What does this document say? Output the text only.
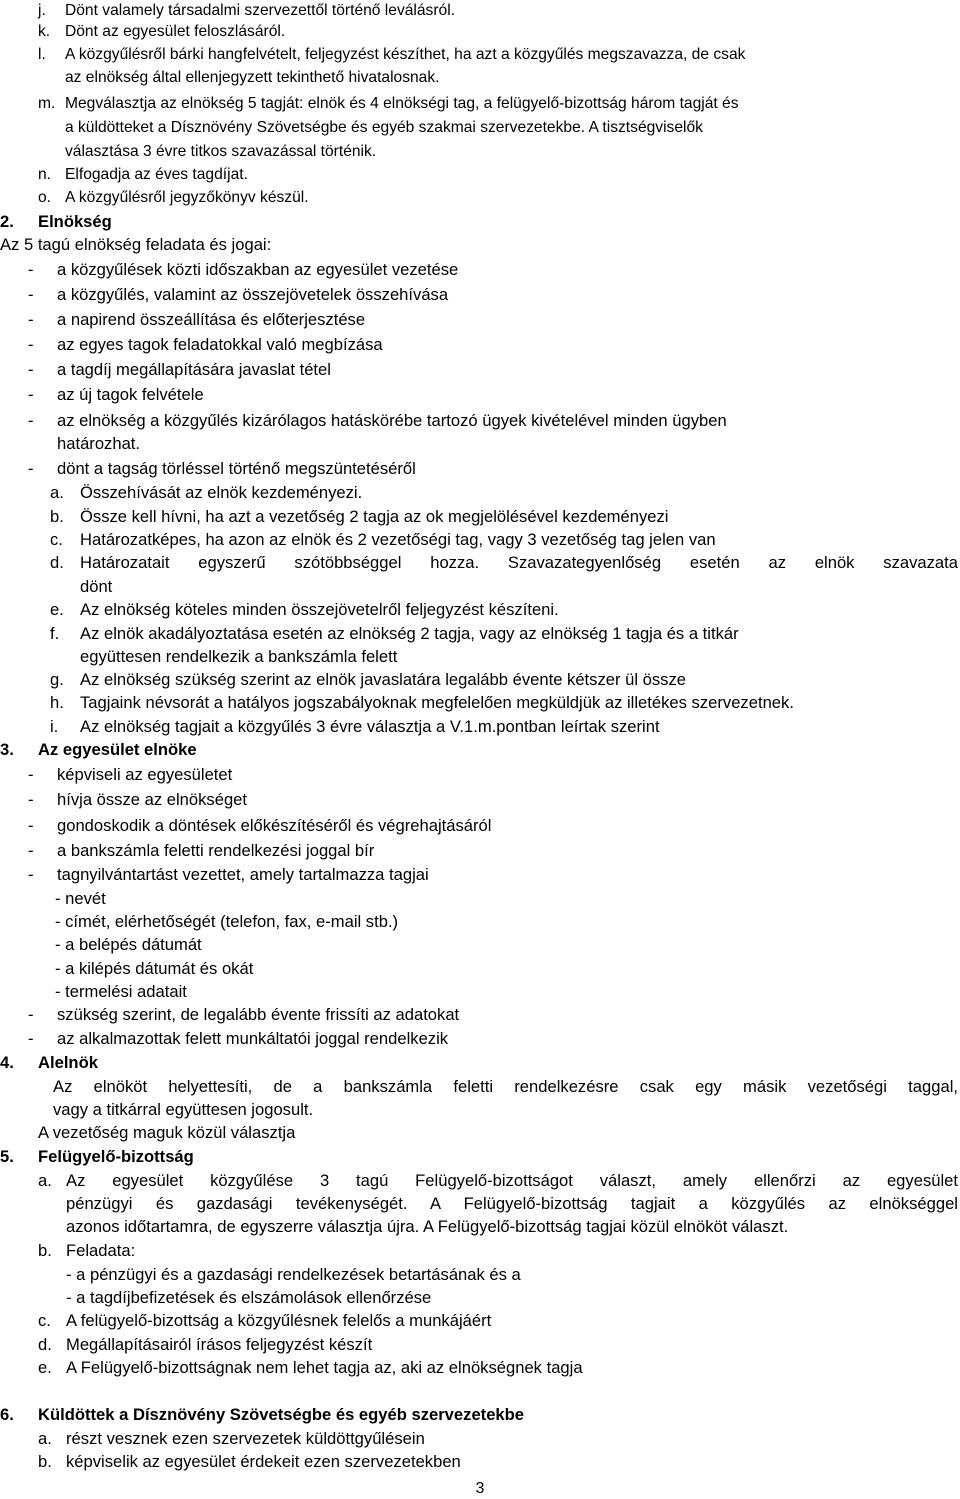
j. Dönt valamely társadalmi szervezettől történő leválásról.
k. Dönt az egyesület feloszlásáról.
l. A közgyűlésről bárki hangfelvételt, feljegyzést készíthet, ha azt a közgyűlés megszavazza, de csak
az elnökség által ellenjegyzett tekinthető hivatalosnak.
m. Megválasztja az elnökség 5 tagját: elnök és 4 elnökségi tag, a felügyelő-bizottság három tagját és
a küldötteket a Dísznövény Szövetségbe és egyéb szakmai szervezetekbe. A tisztségviselők
választása 3 évre titkos szavazással történik.
n. Elfogadja az éves tagdíjat.
o. A közgyűlésről jegyzőkönyv készül.
2. Elnökség
Az 5 tagú elnökség feladata és jogai:
- a közgyűlések közti időszakban az egyesület vezetése
- a közgyűlés, valamint az összejövetelek összehívása
- a napirend összeállítása és előterjesztése
- az egyes tagok feladatokkal való megbízása
- a tagdíj megállapítására javaslat tétel
- az új tagok felvétele
- az elnökség a közgyűlés kizárólagos hatáskörébe tartozó ügyek kivételével minden ügyben
határozhat.
- dönt a tagság törléssel történő megszüntetéséről
a. Összehívását az elnök kezdeményezi.
b. Össze kell hívni, ha azt a vezetőség 2 tagja az ok megjelölésével kezdeményezi
c. Határozatképes, ha azon az elnök és 2 vezetőségi tag, vagy 3 vezetőség tag jelen van
d. Határozatait egyszerű szótöbbséggel hozza. Szavazategyenlőség esetén az elnök szavazata
dönt
e. Az elnökség köteles minden összejövetelről feljegyzést készíteni.
f. Az elnök akadályoztatása esetén az elnökség 2 tagja, vagy az elnökség 1 tagja és a titkár
együttesen rendelkezik a bankszámla felett
g. Az elnökség szükség szerint az elnök javaslatára legalább évente kétszer ül össze
h. Tagjaink névsorát a hatályos jogszabályoknak megfelelően megküldjük az illetékes szervezetnek.
i. Az elnökség tagjait a közgyűlés 3 évre választja a V.1.m.pontban leírtak szerint
3. Az egyesület elnöke
- képviseli az egyesületet
- hívja össze az elnökséget
- gondoskodik a döntések előkészítéséről és végrehajtásáról
- a bankszámla feletti rendelkezési joggal bír
- tagnyilvántartást vezettet, amely tartalmazza tagjai
- nevét
- címét, elérhetőségét (telefon, fax, e-mail stb.)
- a belépés dátumát
- a kilépés dátumát és okát
- termelési adatait
- szükség szerint, de legalább évente frissíti az adatokat
- az alkalmazottak felett munkáltatói joggal rendelkezik
4. Alelnök
Az elnököt helyettesíti, de a bankszámla feletti rendelkezésre csak egy másik vezetőségi taggal,
vagy a titkárral együttesen jogosult.
A vezetőség maguk közül választja
5. Felügyelő-bizottság
a. Az egyesület közgyűlése 3 tagú Felügyelő-bizottságot választ, amely ellenőrzi az egyesület
pénzügyi és gazdasági tevékenységét. A Felügyelő-bizottság tagjait a közgyűlés az elnökséggel
azonos időtartamra, de egyszerre választja újra. A Felügyelő-bizottság tagjai közül elnököt választ.
b. Feladata:
- a pénzügyi és a gazdasági rendelkezések betartásának és a
- a tagdíjbefizetések és elszámolások ellenőrzése
c. A felügyelő-bizottság a közgyűlésnek felelős a munkájáért
d. Megállapításairól írásos feljegyzést készít
e. A Felügyelő-bizottságnak nem lehet tagja az, aki az elnökségnek tagja
6. Küldöttek a Dísznövény Szövetségbe és egyéb szervezetekbe
a. részt vesznek ezen szervezetek küldöttgyűlésein
b. képviselik az egyesület érdekeit ezen szervezetekben
3
